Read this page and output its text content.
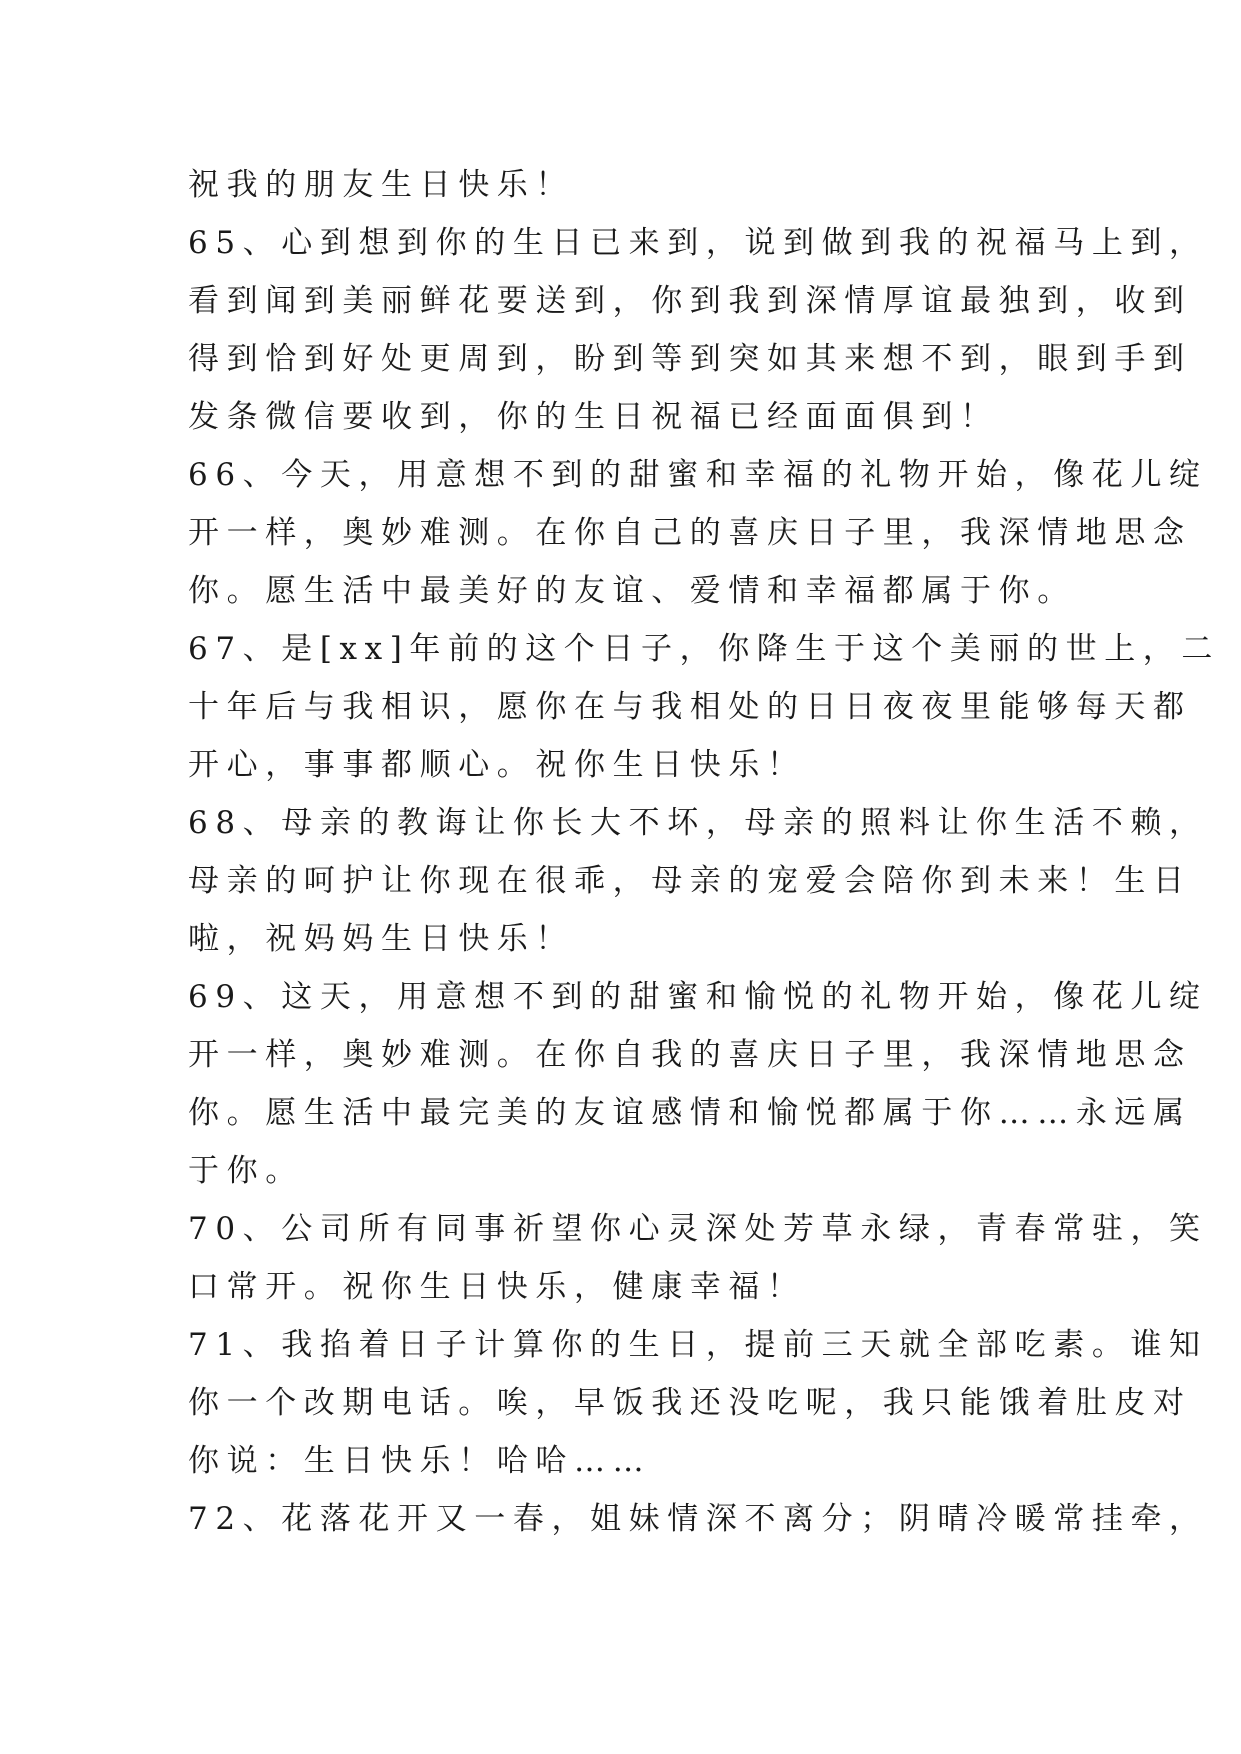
祝我的朋友生日快乐！
65、心到想到你的生日已来到，说到做到我的祝福马上到，
看到闻到美丽鲜花要送到，你到我到深情厚谊最独到，收到
得到恰到好处更周到，盼到等到突如其来想不到，眼到手到
发条微信要收到，你的生日祝福已经面面俱到！
66、今天，用意想不到的甜蜜和幸福的礼物开始，像花儿绽
开一样，奥妙难测。在你自己的喜庆日子里，我深情地思念
你。愿生活中最美好的友谊、爱情和幸福都属于你。
67、是[xx]年前的这个日子，你降生于这个美丽的世上，二
十年后与我相识，愿你在与我相处的日日夜夜里能够每天都
开心，事事都顺心。祝你生日快乐！
68、母亲的教诲让你长大不坏，母亲的照料让你生活不赖，
母亲的呵护让你现在很乖，母亲的宠爱会陪你到未来！生日
啦，祝妈妈生日快乐！
69、这天，用意想不到的甜蜜和愉悦的礼物开始，像花儿绽
开一样，奥妙难测。在你自我的喜庆日子里，我深情地思念
你。愿生活中最完美的友谊感情和愉悦都属于你……永远属
于你。
70、公司所有同事祈望你心灵深处芳草永绿，青春常驻，笑
口常开。祝你生日快乐，健康幸福！
71、我掐着日子计算你的生日，提前三天就全部吃素。谁知
你一个改期电话。唉，早饭我还没吃呢，我只能饿着肚皮对
你说：生日快乐！哈哈……
72、花落花开又一春，姐妹情深不离分；阴晴冷暖常挂牵，
